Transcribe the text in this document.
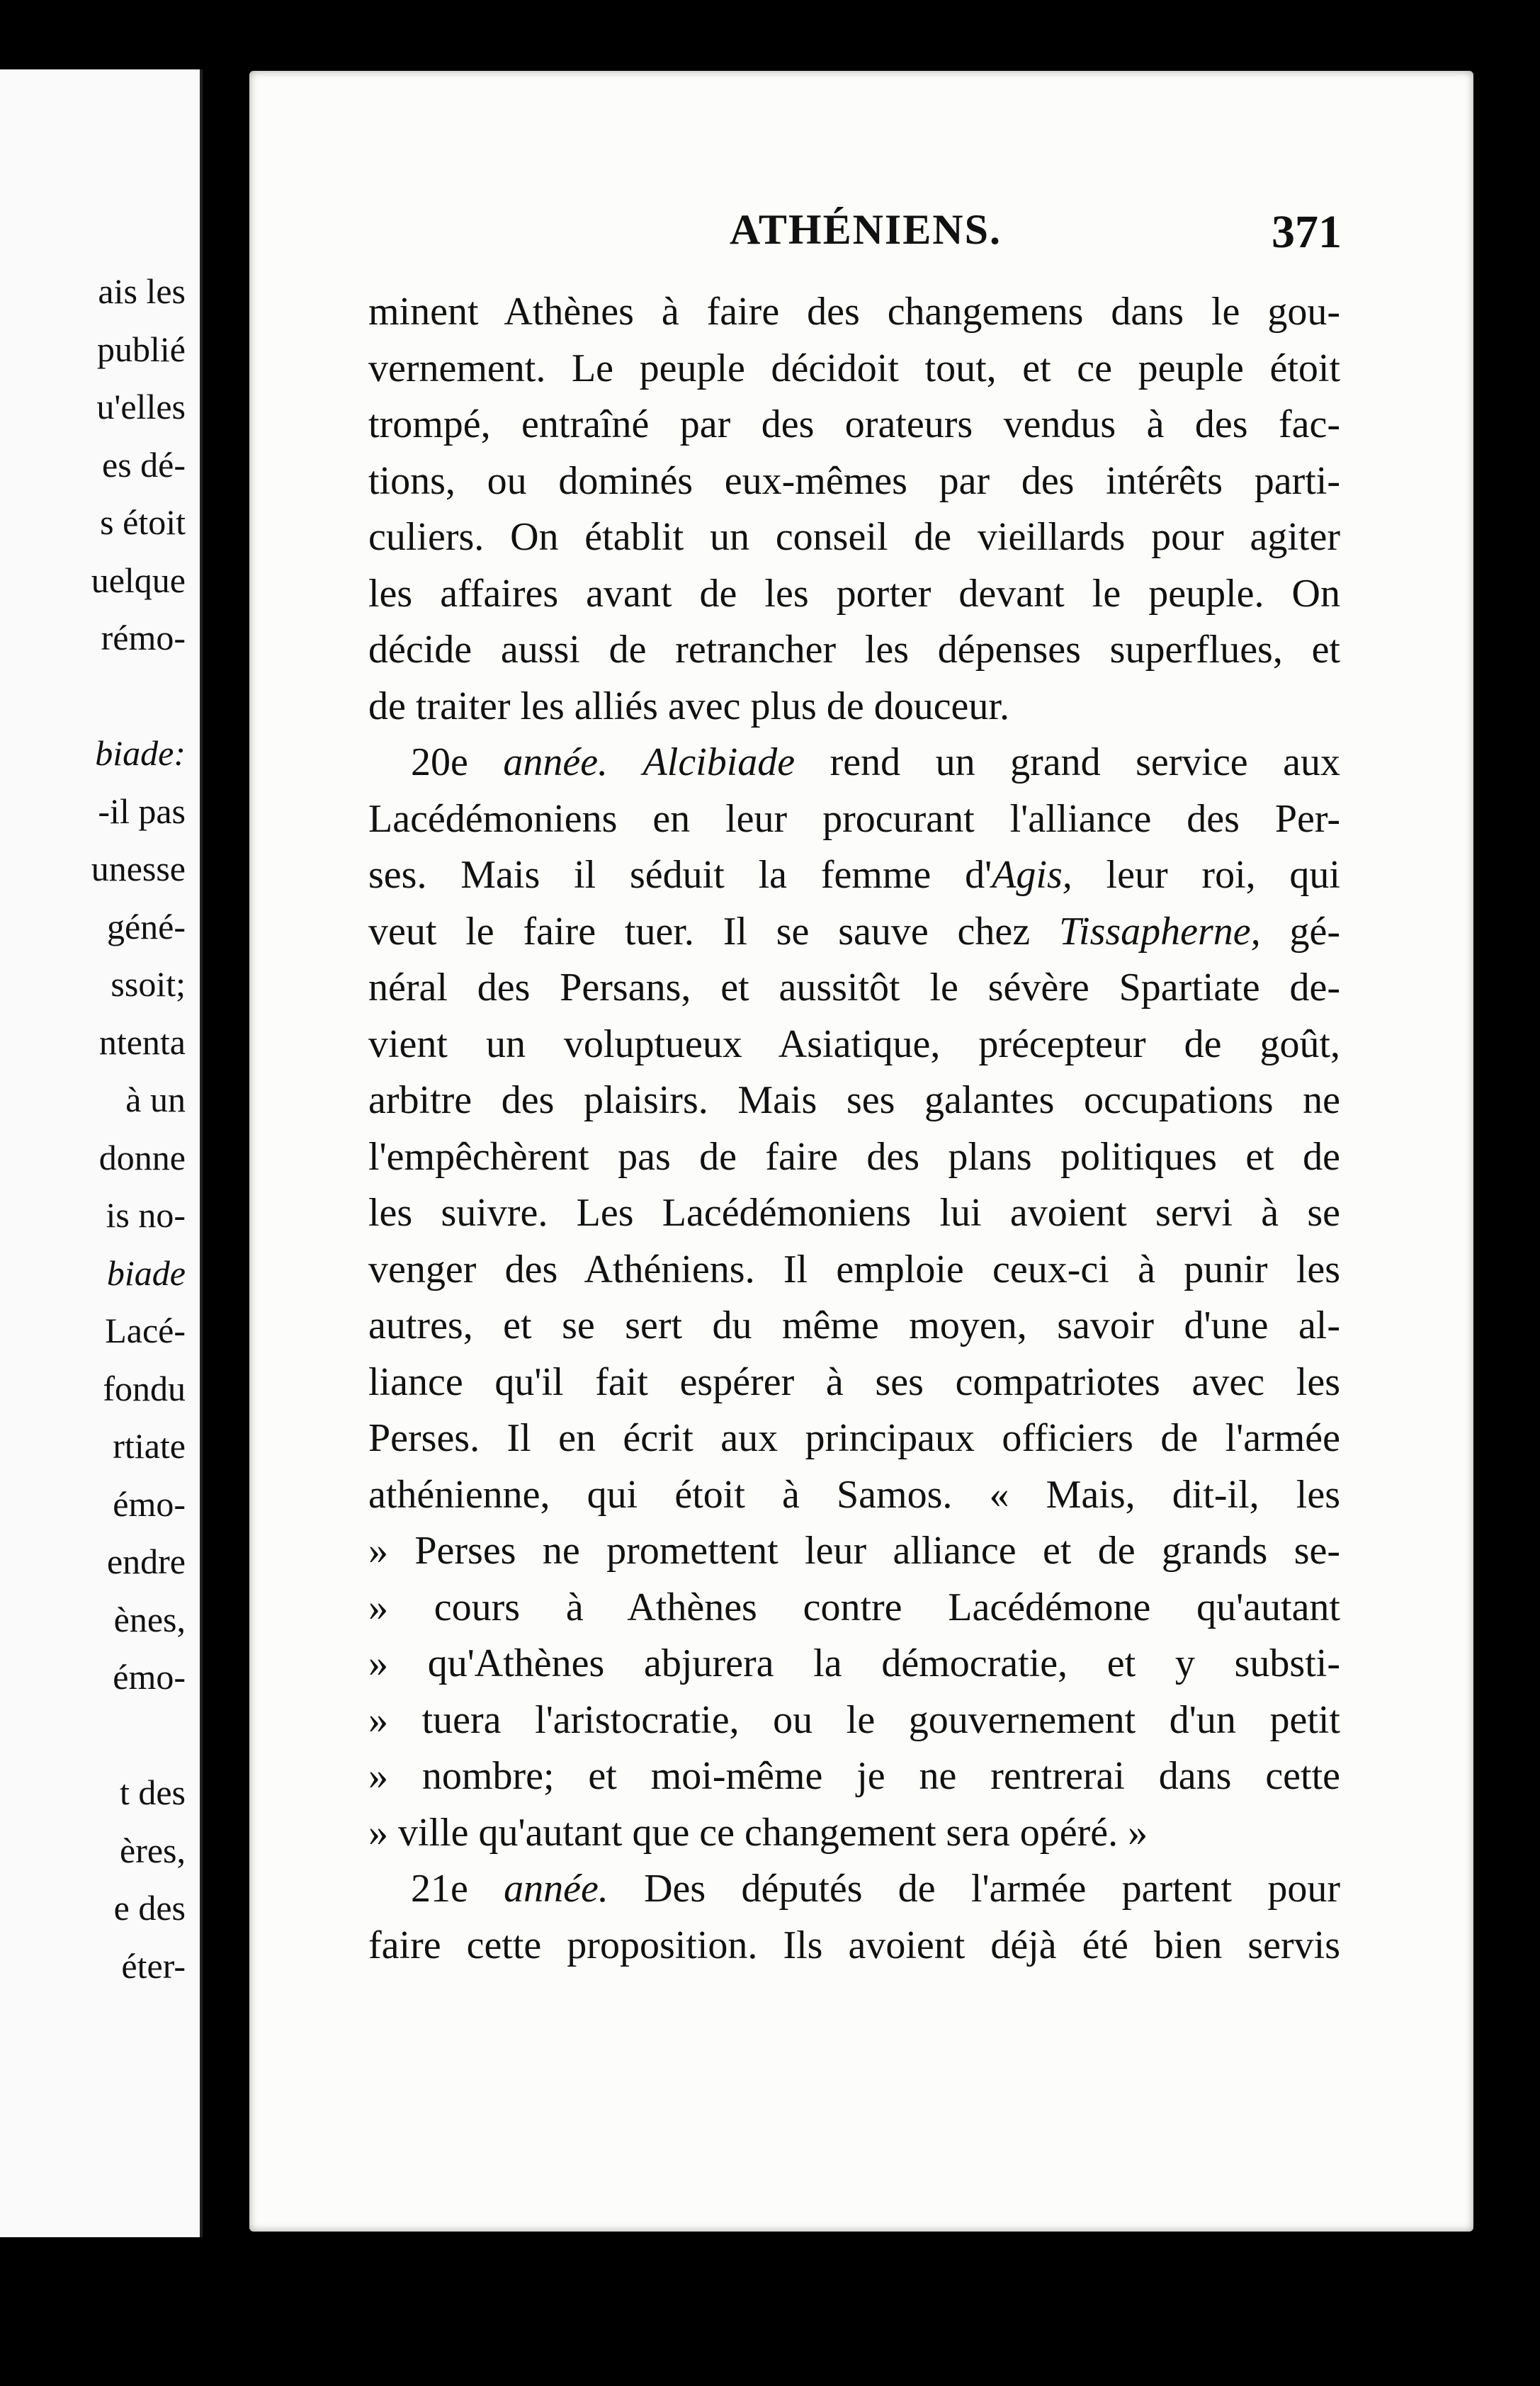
ais les
publié
u'elles
es dé-
s étoit
uelque
rémo-
biade:
-il pas
unesse
géné-
ssoit;
ntenta
à un
donne
is no-
biade
Lacé-
fondu
rtiate
émo-
endre
ènes,
émo-
t des
ères,
e des
éter-
ATHÉNIENS.	371
minent Athènes à faire des changemens dans le gou-
vernement. Le peuple décidoit tout, et ce peuple étoit
trompé, entraîné par des orateurs vendus à des fac-
tions, ou dominés eux-mêmes par des intérêts parti-
culiers. On établit un conseil de vieillards pour agiter
les affaires avant de les porter devant le peuple. On
décide aussi de retrancher les dépenses superflues, et
de traiter les alliés avec plus de douceur.
20e année. Alcibiade rend un grand service aux
Lacédémoniens en leur procurant l'alliance des Per-
ses. Mais il séduit la femme d'Agis, leur roi, qui
veut le faire tuer. Il se sauve chez Tissapherne, gé-
néral des Persans, et aussitôt le sévère Spartiate de-
vient un voluptueux Asiatique, précepteur de goût,
arbitre des plaisirs. Mais ses galantes occupations ne
l'empêchèrent pas de faire des plans politiques et de
les suivre. Les Lacédémoniens lui avoient servi à se
venger des Athéniens. Il emploie ceux-ci à punir les
autres, et se sert du même moyen, savoir d'une al-
liance qu'il fait espérer à ses compatriotes avec les
Perses. Il en écrit aux principaux officiers de l'armée
athénienne, qui étoit à Samos. « Mais, dit-il, les
» Perses ne promettent leur alliance et de grands se-
» cours à Athènes contre Lacédémone qu'autant
» qu'Athènes abjurera la démocratie, et y substi-
» tuera l'aristocratie, ou le gouvernement d'un petit
» nombre; et moi-même je ne rentrerai dans cette
» ville qu'autant que ce changement sera opéré. »
21e année. Des députés de l'armée partent pour
faire cette proposition. Ils avoient déjà été bien servis
